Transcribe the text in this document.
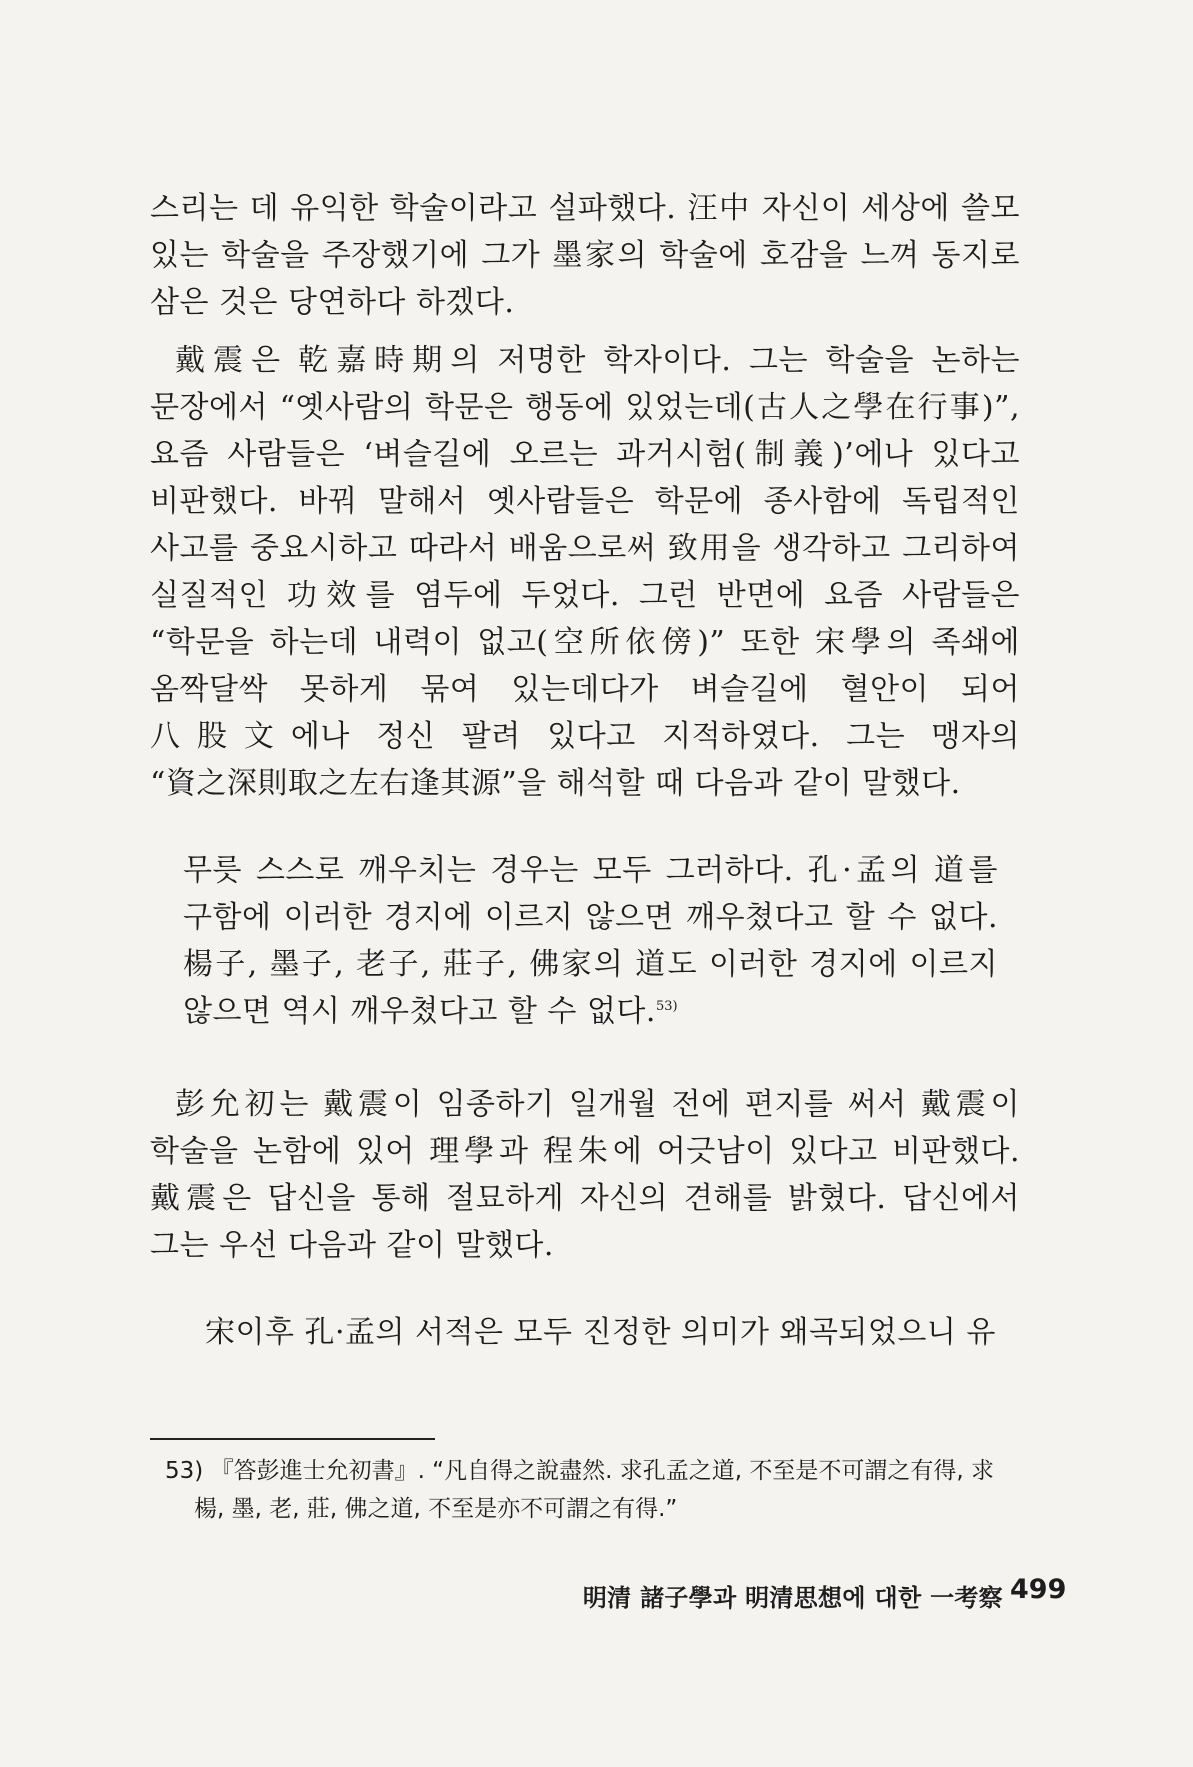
스리는 데 유익한 학술이라고 설파했다. 汪中 자신이 세상에 쓸모 있는 학술을 주장했기에 그가 墨家의 학술에 호감을 느껴 동지로 삼은 것은 당연하다 하겠다.

戴震은 乾嘉時期의 저명한 학자이다. 그는 학술을 논하는 문장에서 “옛사람의 학문은 행동에 있었는데(古人之學在行事)”, 요즘 사람들은 ‘벼슬길에 오르는 과거시험(制義)’에나 있다고 비판했다. 바꿔 말해서 옛사람들은 학문에 종사함에 독립적인 사고를 중요시하고 따라서 배움으로써 致用을 생각하고 그리하여 실질적인 功效를 염두에 두었다. 그런 반면에 요즘 사람들은 “학문을 하는데 내력이 없고(空所依傍)” 또한 宋學의 족쇄에 옴짝달싹 못하게 묶여 있는데다가 벼슬길에 혈안이 되어 八股文에나 정신 팔려 있다고 지적하였다. 그는 맹자의 “資之深則取之左右逢其源”을 해석할 때 다음과 같이 말했다.

무릇 스스로 깨우치는 경우는 모두 그러하다. 孔·孟의 道를 구함에 이러한 경지에 이르지 않으면 깨우쳤다고 할 수 없다. 楊子, 墨子, 老子, 莊子, 佛家의 道도 이러한 경지에 이르지 않으면 역시 깨우쳤다고 할 수 없다.$^{53)}$

彭允初는 戴震이 임종하기 일개월 전에 편지를 써서 戴震이 학술을 논함에 있어 理學과 程朱에 어긋남이 있다고 비판했다. 戴震은 답신을 통해 절묘하게 자신의 견해를 밝혔다. 답신에서 그는 우선 다음과 같이 말했다.

宋이후 孔·孟의 서적은 모두 진정한 의미가 왜곡되었으니 유

53) 『答彭進士允初書』. “凡自得之說盡然. 求孔孟之道, 不至是不可謂之有得, 求
楊, 墨, 老, 莊, 佛之道, 不至是亦不可謂之有得.”
明清 諸子學과 明清思想에 대한 一考察 499
